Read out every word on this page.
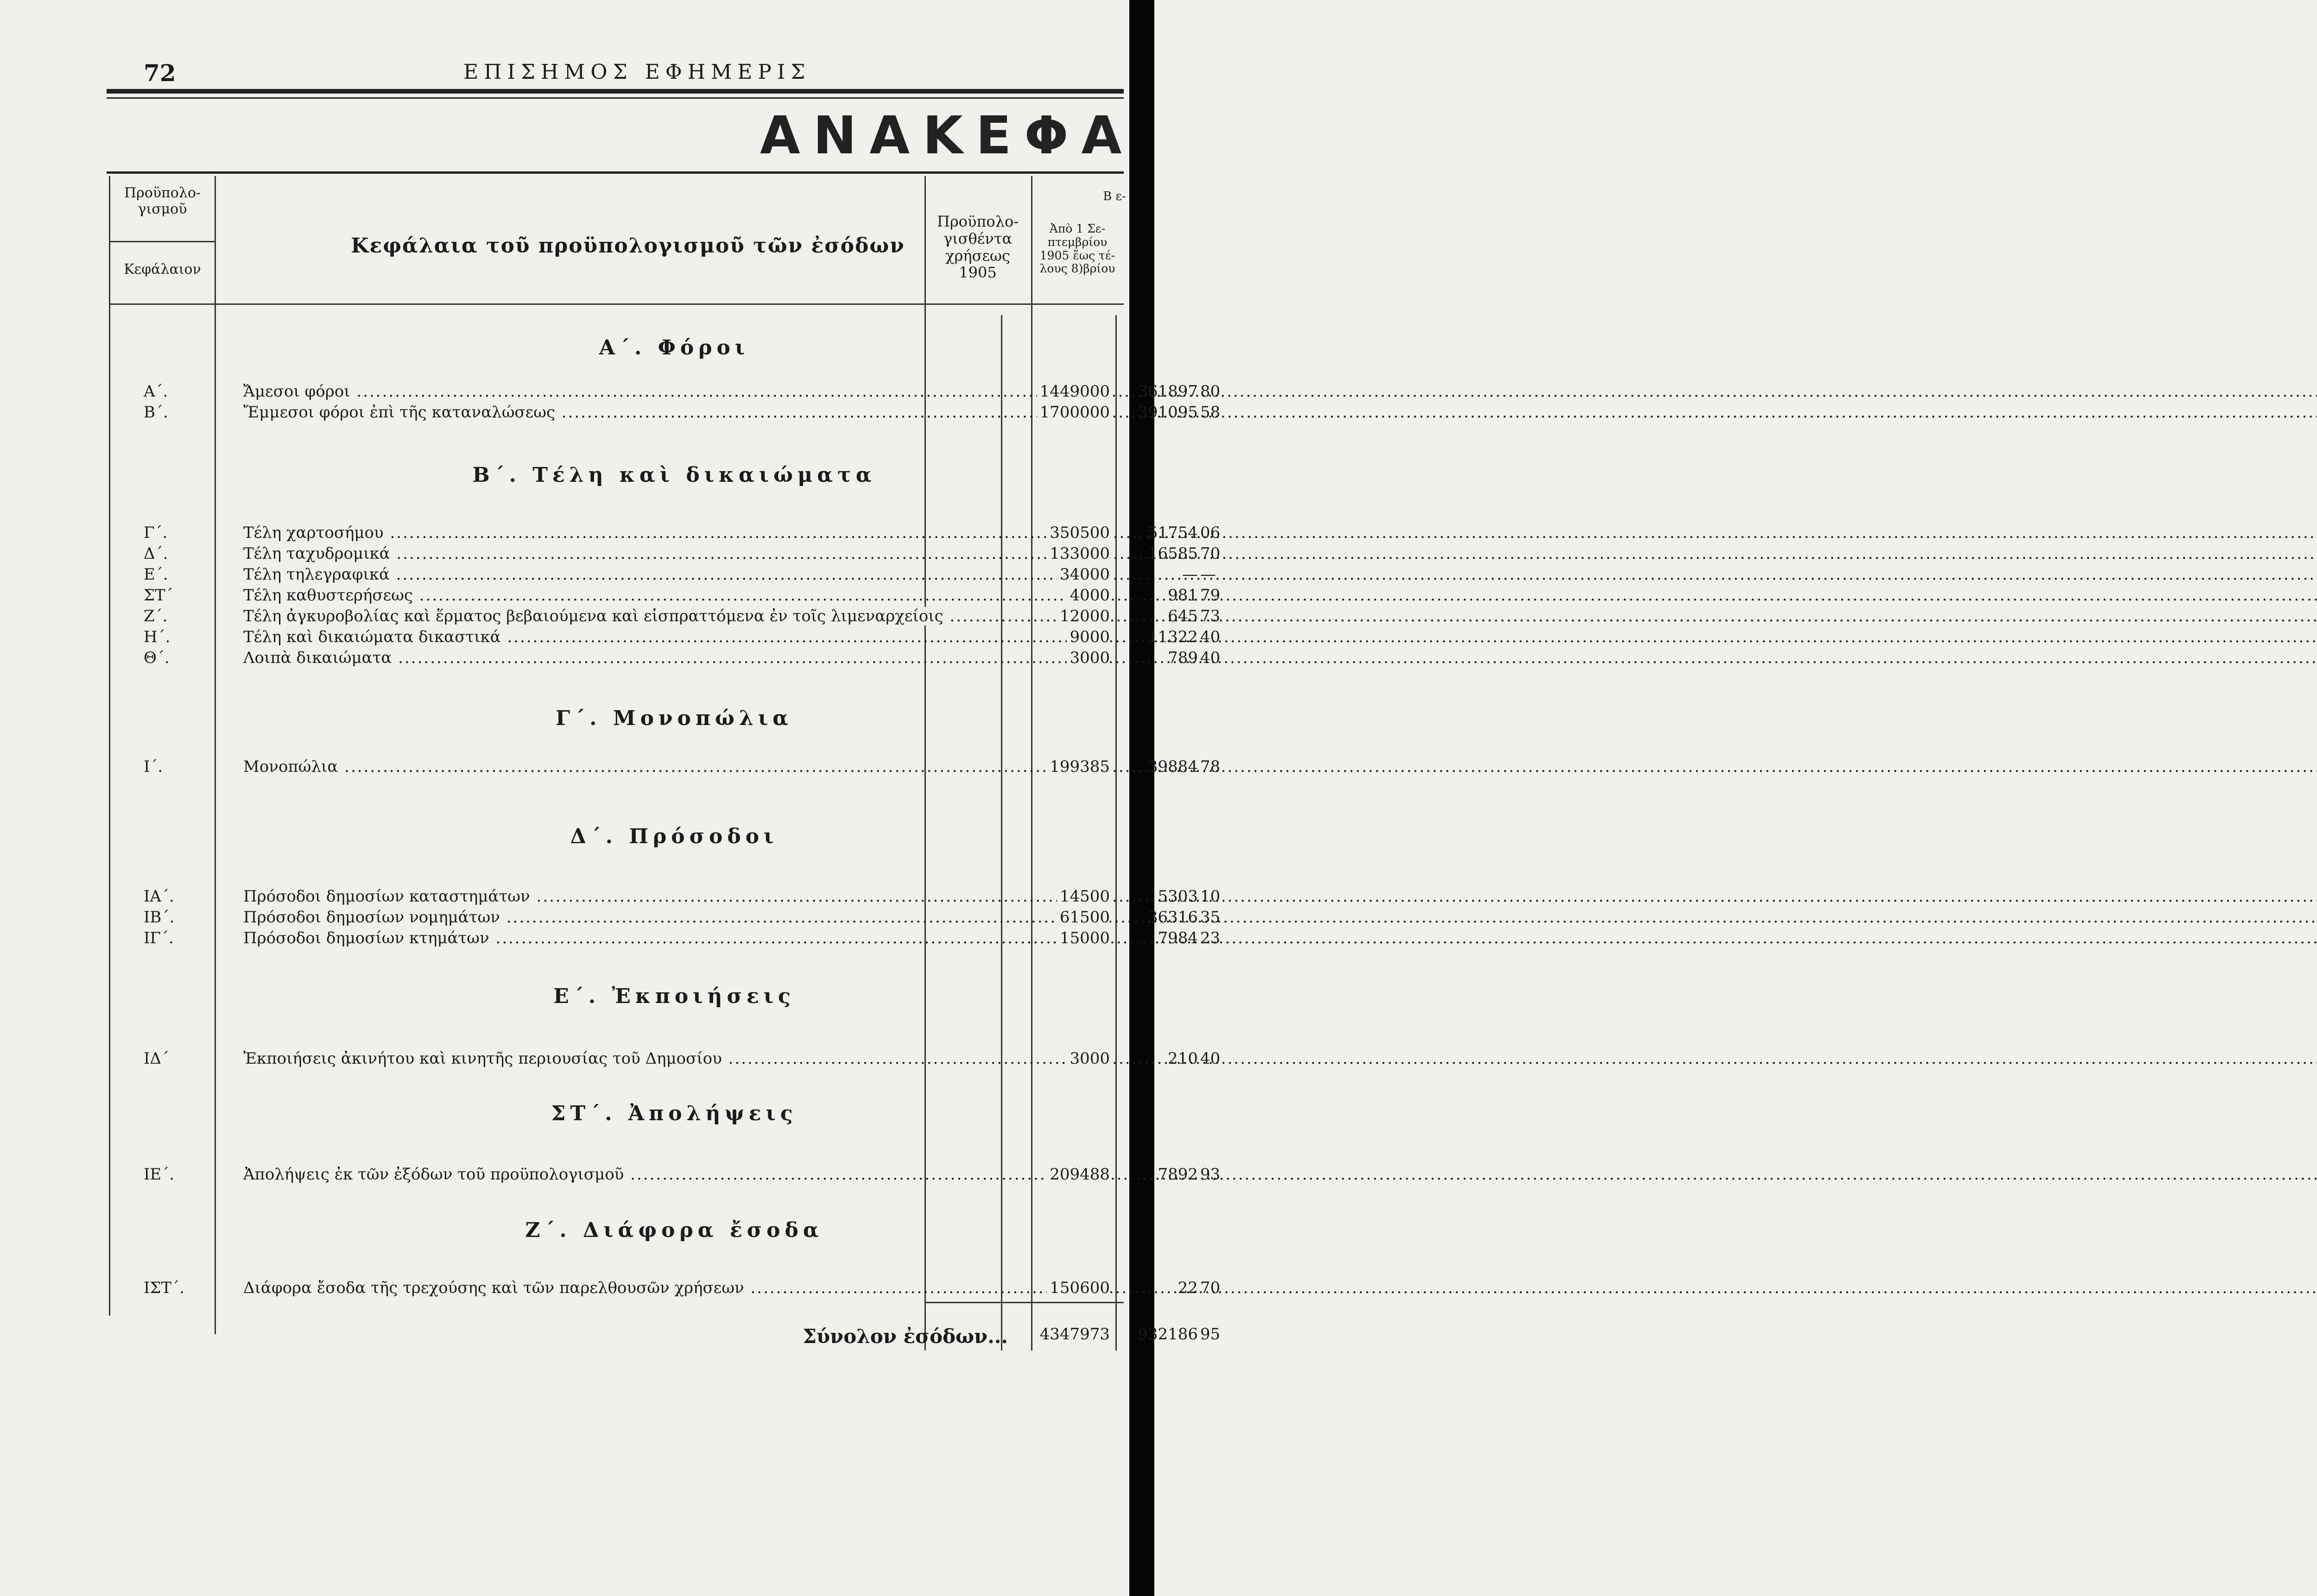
72	ΕΠΙΣΗΜΟΣ ΕΦΗΜΕΡΙΣ
ΑΝΑΚΕΦΑ
Προϋπολο-
γισμοῦ
Κεφάλαιον
Κεφάλαια τοῦ προϋπολογισμοῦ τῶν ἐσόδων
Προϋπολο-
γισθέντα
χρήσεως
1905
Β ε-
Ἀπὸ 1 Σε-
πτεμβρίου
1905 ἕως τέ-
λους 8)βρίου
Α΄. Φόροι
Β΄. Τέλη καὶ δικαιώματα
Γ΄. Μονοπώλια
Δ΄. Πρόσοδοι
Ε΄. Ἐκποιήσεις
ΣΤ΄. Ἀπολήψεις
Ζ΄. Διάφορα ἔσοδα
Α΄.	Ἄμεσοι φόροι .....	1449000	361897 80
Β΄.	Ἔμμεσοι φόροι ἐπὶ τῆς καταναλώσεως .....	1700000	391095 58
Γ΄.	Τέλη χαρτοσήμου .....	350500	51754 06
Δ΄.	Τέλη ταχυδρομικά .....	133000	16585 70
Ε΄.	Τέλη τηλεγραφικά .....	34000	— —
ΣΤ΄	Τέλη καθυστερήσεως .....	4000	981 79
Ζ΄.	Τέλη ἀγκυροβολίας καὶ ἕρματος βεβαιούμενα καὶ εἰσπραττόμενα ἐν τοῖς λιμεναρχείοις .....	12000	645 73
Η΄.	Τέλη καὶ δικαιώματα δικαστικά .....	9000	11322 40
Θ΄.	Λοιπὰ δικαιώματα .....	3000	789 40
Ι΄.	Μονοπώλια .....	199385	39884 78
ΙΑ΄.	Πρόσοδοι δημοσίων καταστημάτων .....	14500	5303 10
ΙΒ΄.	Πρόσοδοι δημοσίων νομημάτων .....	61500	36316 35
ΙΓ΄.	Πρόσοδοι δημοσίων κτημάτων .....	15000	7984 23
ΙΔ΄	Ἐκποιήσεις ἀκινήτου καὶ κινητῆς περιουσίας τοῦ Δημοσίου .....	3000	210 40
ΙΕ΄.	Ἀπολήψεις ἐκ τῶν ἐξόδων τοῦ προϋπολογισμοῦ .....	209488	7892 93
ΙΣΤ΄.	Διάφορα ἔσοδα τῆς τρεχούσης καὶ τῶν παρελθουσῶν χρήσεων .....	150600	22 70
Σύνολον ἐσόδων...	4347973	932186 95
